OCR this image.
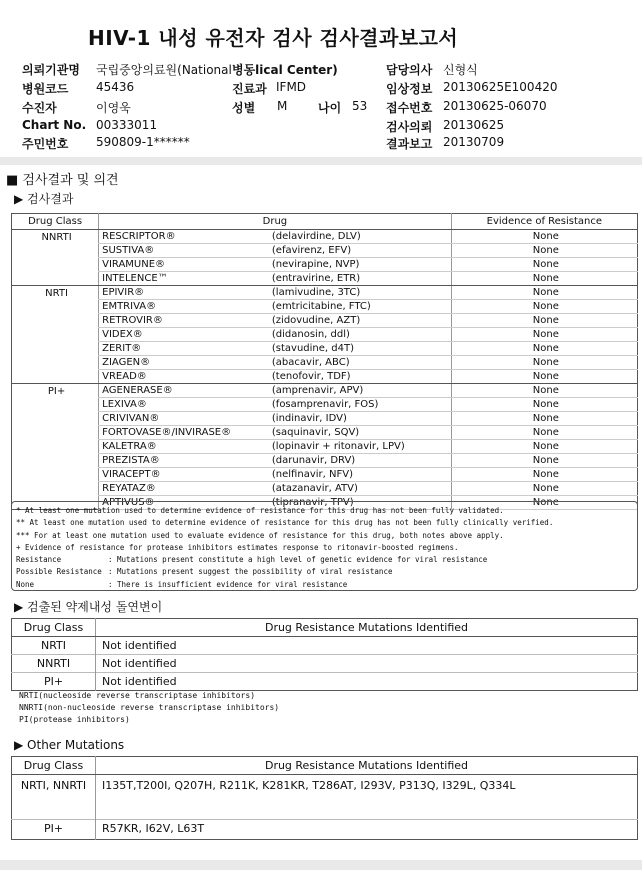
HIV-1 내성 유전자 검사 검사결과보고서
의뢰기관명 국립중앙의료원(National 병동lical Center)	담당의사 신형식
병원코드 45436	진료과 IFMD	임상정보 20130625E100420
수진자	이영욱	성별 M	나이 53 접수번호 20130625-06070
Chart No. 00333011	검사의뢰 20130625
주민번호 590809-1******	결과보고 20130709
■ 검사결과 및 의견
▶ 검사결과
Drug Class	Drug		Evidence of Resistance
NNRTI	RESCRIPTOR®	(delavirdine, DLV)	None
	SUSTIVA®	(efavirenz, EFV)	None
	VIRAMUNE®	(nevirapine, NVP)	None
	INTELENCE™	(entravirine, ETR)	None
NRTI	EPIVIR®	(lamivudine, 3TC)	None
	EMTRIVA®	(emtricitabine, FTC)	None
	RETROVIR®	(zidovudine, AZT)	None
	VIDEX®	(didanosin, ddl)	None
	ZERIT®	(stavudine, d4T)	None
	ZIAGEN®	(abacavir, ABC)	None
	VREAD®	(tenofovir, TDF)	None
PI+	AGENERASE®	(amprenavir, APV)	None
	LEXIVA®	(fosamprenavir, FOS)	None
	CRIVIVAN®	(indinavir, IDV)	None
	FORTOVASE®/INVIRASE®	(saquinavir, SQV)	None
	KALETRA®	(lopinavir + ritonavir, LPV)	None
	PREZISTA®	(darunavir, DRV)	None
	VIRACEPT®	(nelfinavir, NFV)	None
	REYATAZ®	(atazanavir, ATV)	None
	APTIVUS®	(tipranavir, TPV)	None
* At least one mutation used to determine evidence of resistance for this drug has not been fully validated.
** At least one mutation used to determine evidence of resistance for this drug has not been fully clinically verified.
*** For at least one mutation used to evaluate evidence of resistance for this drug, both notes above apply.
+ Evidence of resistance for protease inhibitors estimates response to ritonavir-boosted regimens.
Resistance	: Mutations present constitute a high level of genetic evidence for viral resistance
Possible Resistance : Mutations present suggest the possibility of viral resistance
None	: There is insufficient evidence for viral resistance
▶ 검출된 약제내성 돌연변이
Drug Class	Drug Resistance Mutations Identified
NRTI	Not identified
NNRTI	Not identified
PI+	Not identified
NRTI(nucleoside reverse transcriptase inhibitors)
NNRTI(non-nucleoside reverse transcriptase inhibitors)
PI(protease inhibitors)
▶ Other Mutations
Drug Class	Drug Resistance Mutations Identified
NRTI, NNRTI	I135T,T200I, Q207H, R211K, K281KR, T286AT, I293V, P313Q, I329L, Q334L
PI+	R57KR, I62V, L63T
